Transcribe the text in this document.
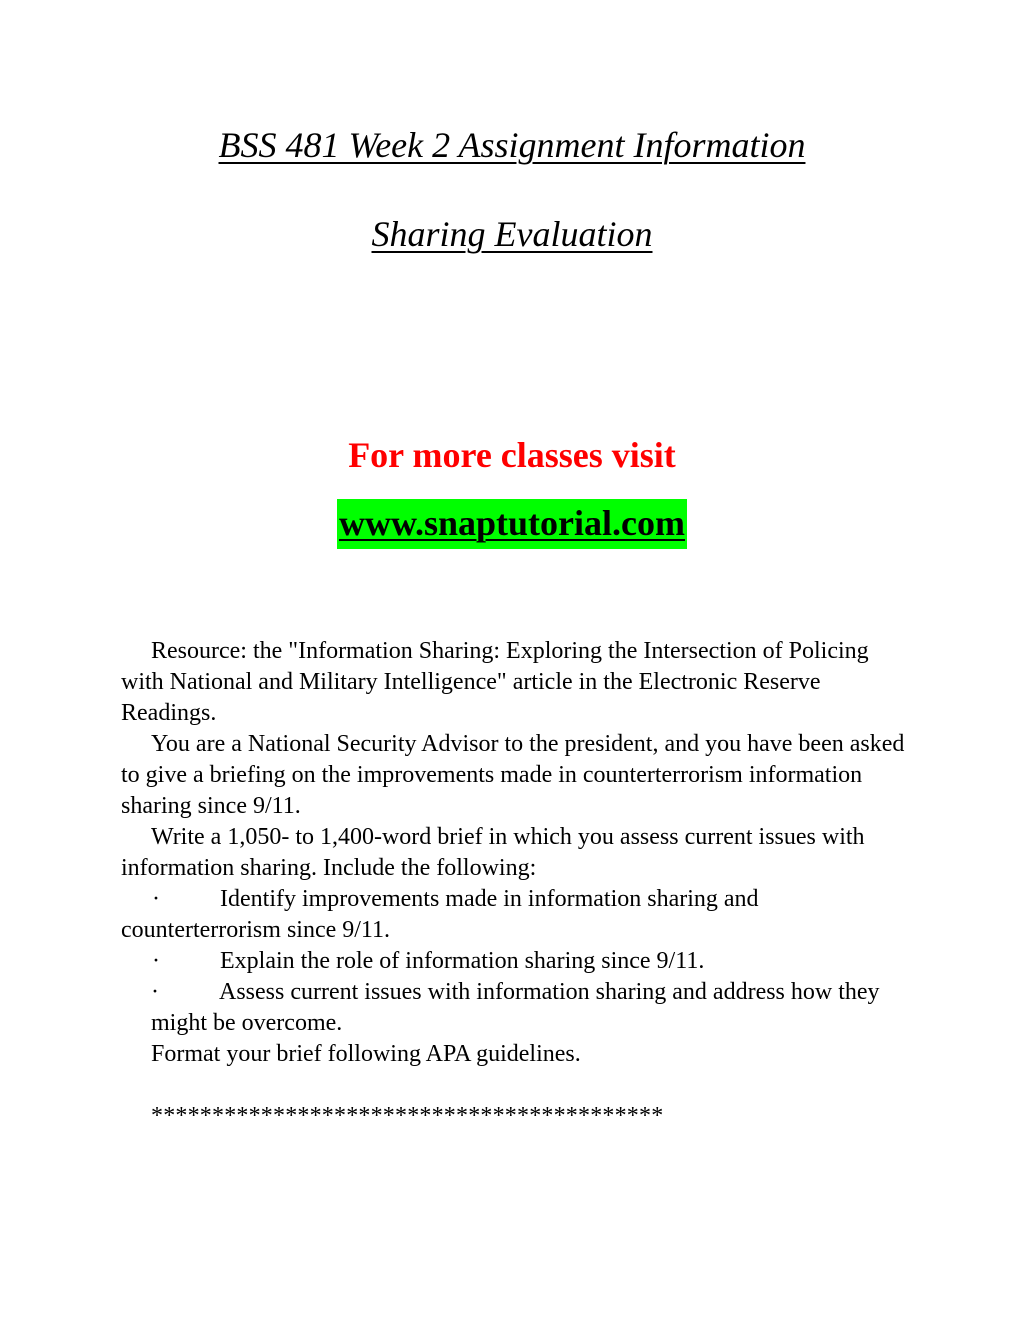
BSS 481 Week 2 Assignment Information
Sharing Evaluation
For more classes visit
www.snaptutorial.com

Resource: the "Information Sharing: Exploring the Intersection of Policing with National and Military Intelligence" article in the Electronic Reserve Readings.

You are a National Security Advisor to the president, and you have been asked to give a briefing on the improvements made in counterterrorism information sharing since 9/11.

Write a 1,050- to 1,400-word brief in which you assess current issues with information sharing. Include the following:

·	Identify improvements made in information sharing and counterterrorism since 9/11.

·	Explain the role of information sharing since 9/11.

·	Assess current issues with information sharing and address how they might be overcome.

Format your brief following APA guidelines.

******************************************
